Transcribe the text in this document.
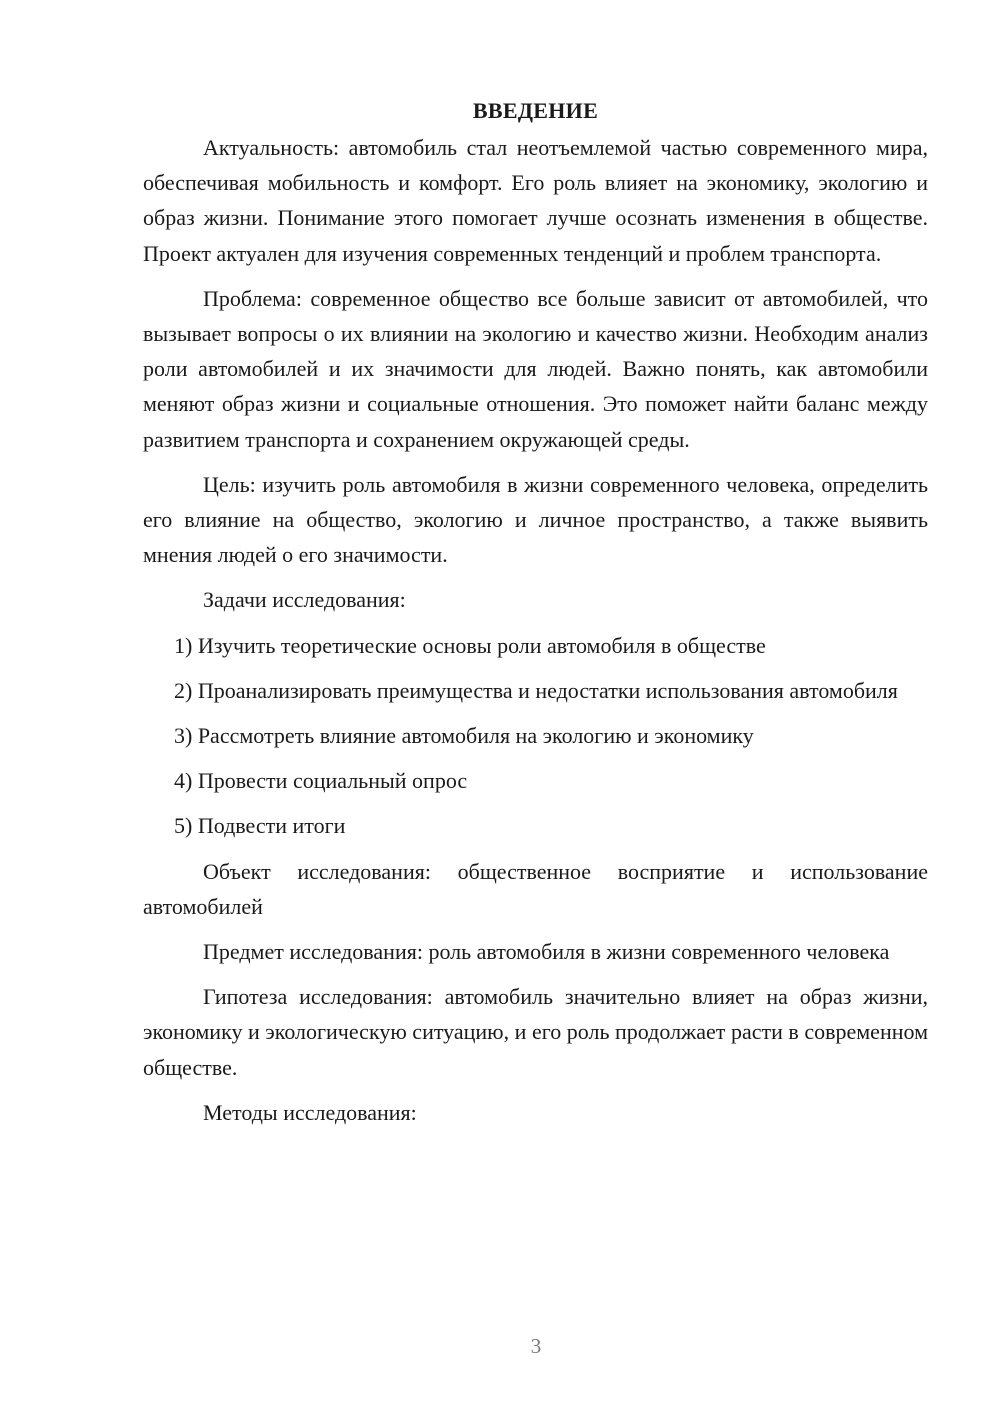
ВВЕДЕНИЕ

Актуальность: автомобиль стал неотъемлемой частью современного мира, обеспечивая мобильность и комфорт. Его роль влияет на экономику, экологию и образ жизни. Понимание этого помогает лучше осознать изменения в обществе. Проект актуален для изучения современных тенденций и проблем транспорта.

Проблема: современное общество все больше зависит от автомобилей, что вызывает вопросы о их влиянии на экологию и качество жизни. Необходим анализ роли автомобилей и их значимости для людей. Важно понять, как автомобили меняют образ жизни и социальные отношения. Это поможет найти баланс между развитием транспорта и сохранением окружающей среды.

Цель: изучить роль автомобиля в жизни современного человека, определить его влияние на общество, экологию и личное пространство, а также выявить мнения людей о его значимости.

Задачи исследования:

1) Изучить теоретические основы роли автомобиля в обществе

2) Проанализировать преимущества и недостатки использования автомобиля

3) Рассмотреть влияние автомобиля на экологию и экономику

4) Провести социальный опрос

5) Подвести итоги

Объект исследования: общественное восприятие и использование автомобилей

Предмет исследования: роль автомобиля в жизни современного человека

Гипотеза исследования: автомобиль значительно влияет на образ жизни, экономику и экологическую ситуацию, и его роль продолжает расти в современном обществе.

Методы исследования:

3
